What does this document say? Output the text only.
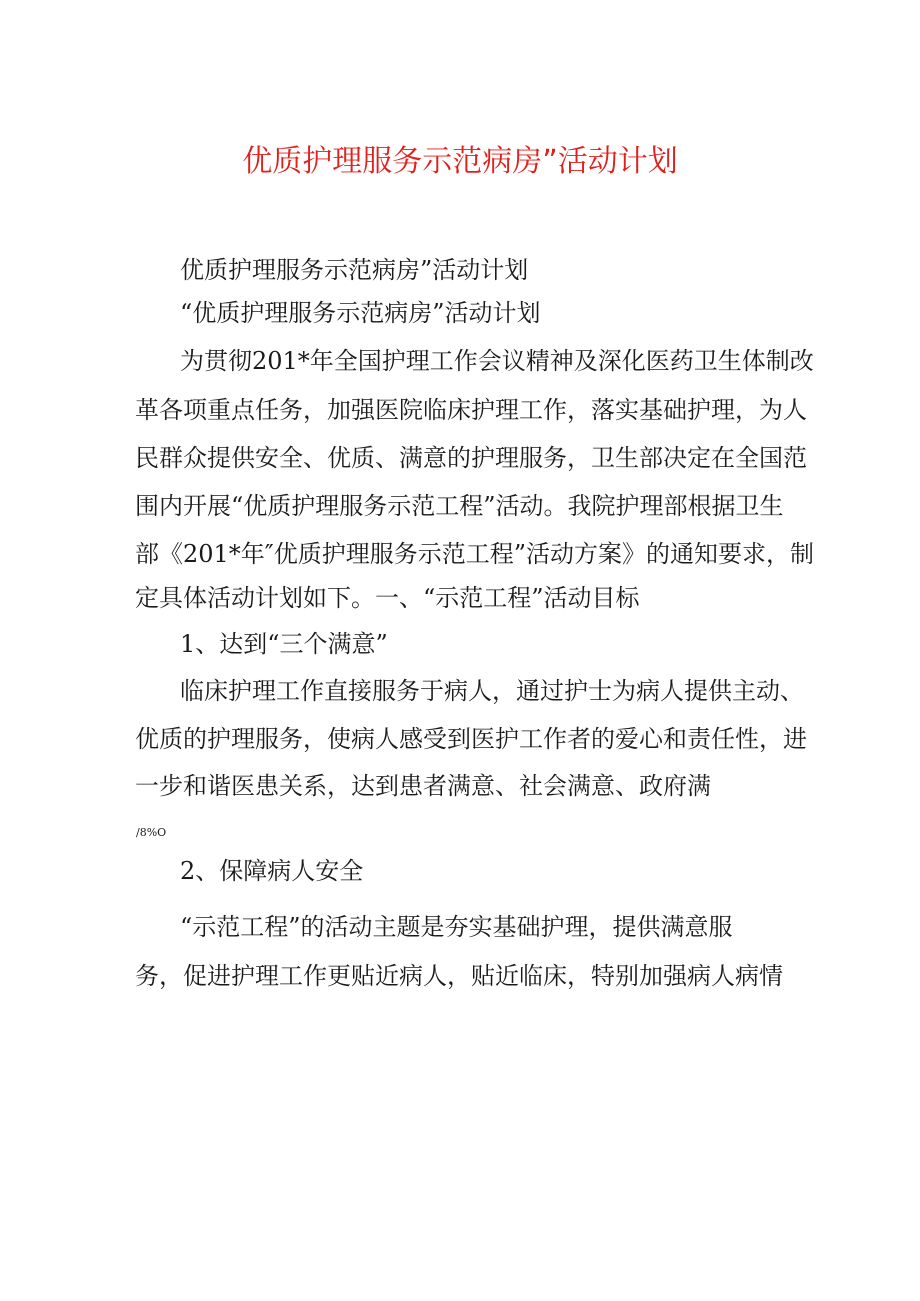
优质护理服务示范病房”活动计划
优质护理服务示范病房”活动计划
“优质护理服务示范病房”活动计划
为贯彻201*年全国护理工作会议精神及深化医药卫生体制改
革各项重点任务，加强医院临床护理工作，落实基础护理，为人
民群众提供安全、优质、满意的护理服务，卫生部决定在全国范
围内开展“优质护理服务示范工程”活动。我院护理部根据卫生
部《201*年″优质护理服务示范工程”活动方案》的通知要求，制
定具体活动计划如下。一、“示范工程”活动目标
1、达到“三个满意”
临床护理工作直接服务于病人，通过护士为病人提供主动、
优质的护理服务，使病人感受到医护工作者的爱心和责任性，进
一步和谐医患关系，达到患者满意、社会满意、政府满
/8%O
2、保障病人安全
“示范工程”的活动主题是夯实基础护理，提供满意服
务，促进护理工作更贴近病人，贴近临床，特别加强病人病情
